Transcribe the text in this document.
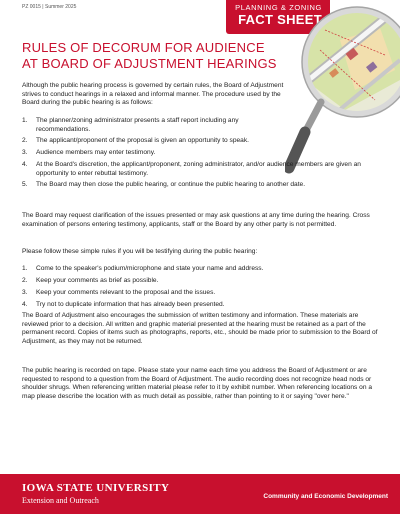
PZ 0015 | Summer 2025	PLANNING & ZONING
FACT SHEET
RULES OF DECORUM FOR AUDIENCE
AT BOARD OF ADJUSTMENT HEARINGS

Although the public hearing process is governed by certain rules, the Board of Adjustment strives to conduct hearings in a relaxed and informal manner. The procedure used by the Board during the public hearing is as follows:

1. The planner/zoning administrator presents a staff report including any recommendations.
2. The applicant/proponent of the proposal is given an opportunity to speak.
3. Audience members may enter testimony.
4. At the Board's discretion, the applicant/proponent, zoning administrator, and/or audience members are given an opportunity to enter rebuttal testimony.
5. The Board may then close the public hearing, or continue the public hearing to another date.

The Board may request clarification of the issues presented or may ask questions at any time during the hearing. Cross examination of persons entering testimony, applicants, staff or the Board by any other party is not permitted.

Please follow these simple rules if you will be testifying during the public hearing:

1. Come to the speaker's podium/microphone and state your name and address.
2. Keep your comments as brief as possible.
3. Keep your comments relevant to the proposal and the issues.
4. Try not to duplicate information that has already been presented.

The Board of Adjustment also encourages the submission of written testimony and information. These materials are reviewed prior to a decision. All written and graphic material presented at the hearing must be retained as a part of the permanent record. Copies of items such as photographs, reports, etc., should be made prior to submission to the Board of Adjustment, as they may not be returned.

The public hearing is recorded on tape. Please state your name each time you address the Board of Adjustment or are requested to respond to a question from the Board of Adjustment. The audio recording does not recognize head nods or shoulder shrugs. When referencing written material please refer to it by exhibit number. When referencing locations on a map please describe the location with as much detail as possible, rather than pointing to it or saying "over here."

IOWA STATE UNIVERSITY
Extension and Outreach	Community and Economic Development
